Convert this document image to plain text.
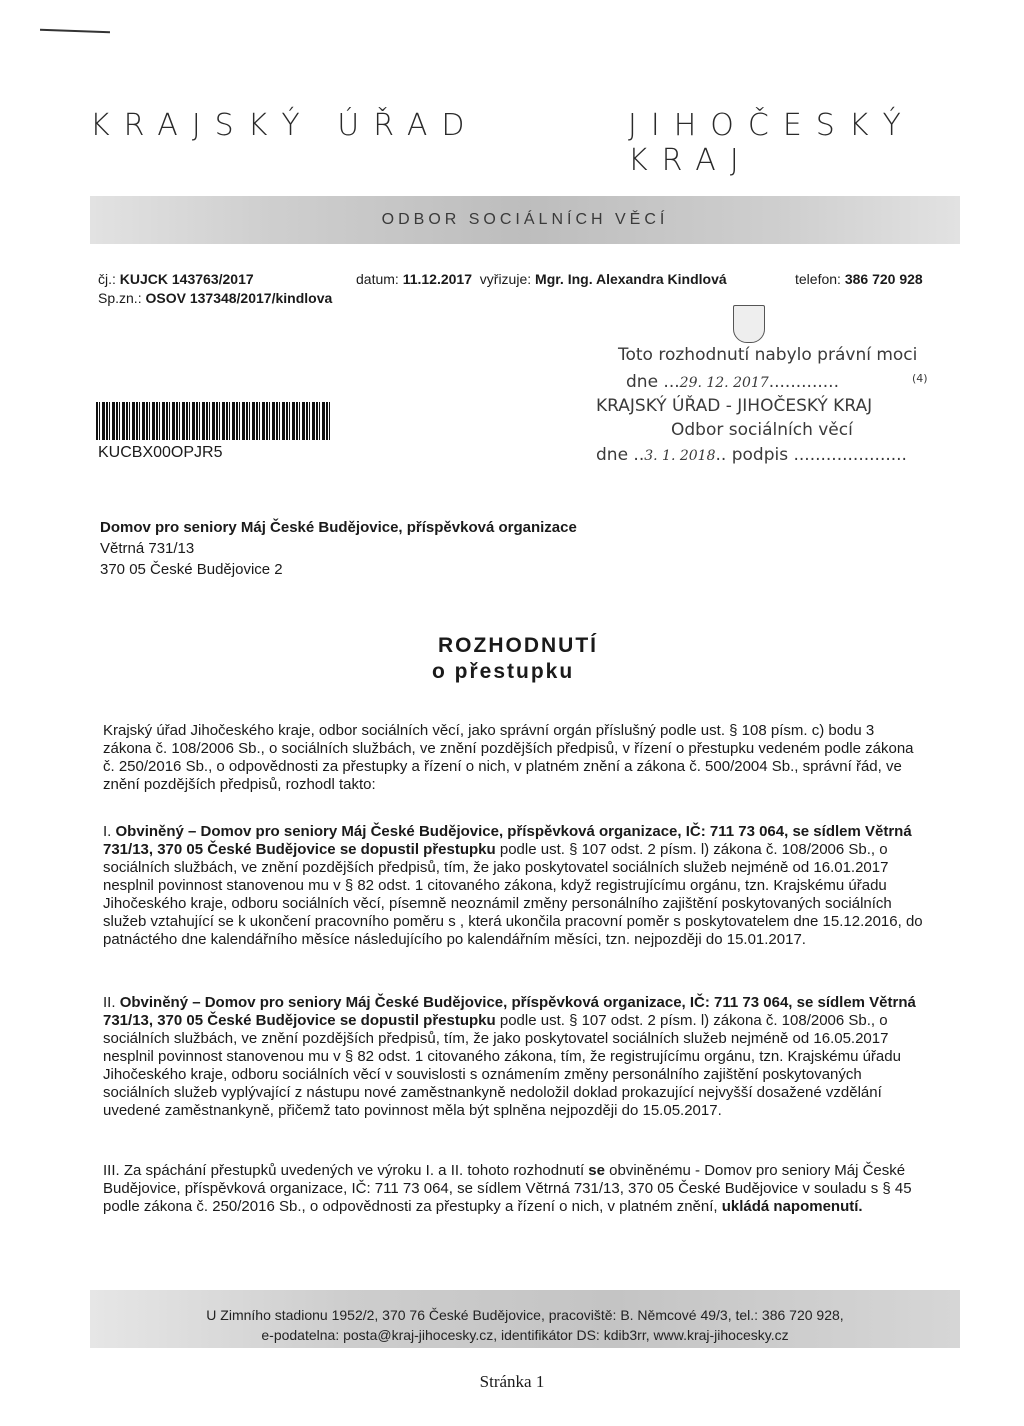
KRAJSKÝ ÚŘAD	JIHOČESKÝ KRAJ
ODBOR SOCIÁLNÍCH VĚCÍ
čj.: KUJCK 143763/2017
Sp.zn.: OSOV 137348/2017/kindlova
datum: 11.12.2017 vyřizuje: Mgr. Ing. Alexandra Kindlová	telefon: 386 720 928
Toto rozhodnutí nabylo právní moci
dne ...29. 12. 2017.............	(4)
KRAJSKÝ ÚŘAD - JIHOČESKÝ KRAJ
Odbor sociálních věcí
dne ..3. 1. 2018.. podpis .....................
KUCBX00OPJR5
Domov pro seniory Máj České Budějovice, příspěvková organizace
Větrná 731/13
370 05 České Budějovice 2
ROZHODNUTÍ
o přestupku

Krajský úřad Jihočeského kraje, odbor sociálních věcí, jako správní orgán příslušný podle ust. § 108 písm. c) bodu 3 zákona č. 108/2006 Sb., o sociálních službách, ve znění pozdějších předpisů, v řízení o přestupku vedeném podle zákona č. 250/2016 Sb., o odpovědnosti za přestupky a řízení o nich, v platném znění a zákona č. 500/2004 Sb., správní řád, ve znění pozdějších předpisů, rozhodl takto:

I. Obviněný – Domov pro seniory Máj České Budějovice, příspěvková organizace, IČ: 711 73 064, se sídlem Větrná 731/13, 370 05 České Budějovice se dopustil přestupku podle ust. § 107 odst. 2 písm. l) zákona č. 108/2006 Sb., o sociálních službách, ve znění pozdějších předpisů, tím, že jako poskytovatel sociálních služeb nejméně od 16.01.2017 nesplnil povinnost stanovenou mu v § 82 odst. 1 citovaného zákona, když registrujícímu orgánu, tzn. Krajskému úřadu Jihočeského kraje, odboru sociálních věcí, písemně neoznámil změny personálního zajištění poskytovaných sociálních služeb vztahující se k ukončení pracovního poměru s , která ukončila pracovní poměr s poskytovatelem dne 15.12.2016, do patnáctého dne kalendářního měsíce následujícího po kalendářním měsíci, tzn. nejpozději do 15.01.2017.

II. Obviněný – Domov pro seniory Máj České Budějovice, příspěvková organizace, IČ: 711 73 064, se sídlem Větrná 731/13, 370 05 České Budějovice se dopustil přestupku podle ust. § 107 odst. 2 písm. l) zákona č. 108/2006 Sb., o sociálních službách, ve znění pozdějších předpisů, tím, že jako poskytovatel sociálních služeb nejméně od 16.05.2017 nesplnil povinnost stanovenou mu v § 82 odst. 1 citovaného zákona, tím, že registrujícímu orgánu, tzn. Krajskému úřadu Jihočeského kraje, odboru sociálních věcí v souvislosti s oznámením změny personálního zajištění poskytovaných sociálních služeb vyplývající z nástupu nové zaměstnankyně nedoložil doklad prokazující nejvyšší dosažené vzdělání uvedené zaměstnankyně, přičemž tato povinnost měla být splněna nejpozději do 15.05.2017.

III. Za spáchání přestupků uvedených ve výroku I. a II. tohoto rozhodnutí se obviněnému - Domov pro seniory Máj České Budějovice, příspěvková organizace, IČ: 711 73 064, se sídlem Větrná 731/13, 370 05 České Budějovice v souladu s § 45 podle zákona č. 250/2016 Sb., o odpovědnosti za přestupky a řízení o nich, v platném znění, ukládá napomenutí.

U Zimního stadionu 1952/2, 370 76 České Budějovice, pracoviště: B. Němcové 49/3, tel.: 386 720 928,
e-podatelna: posta@kraj-jihocesky.cz, identifikátor DS: kdib3rr, www.kraj-jihocesky.cz
Stránka 1
